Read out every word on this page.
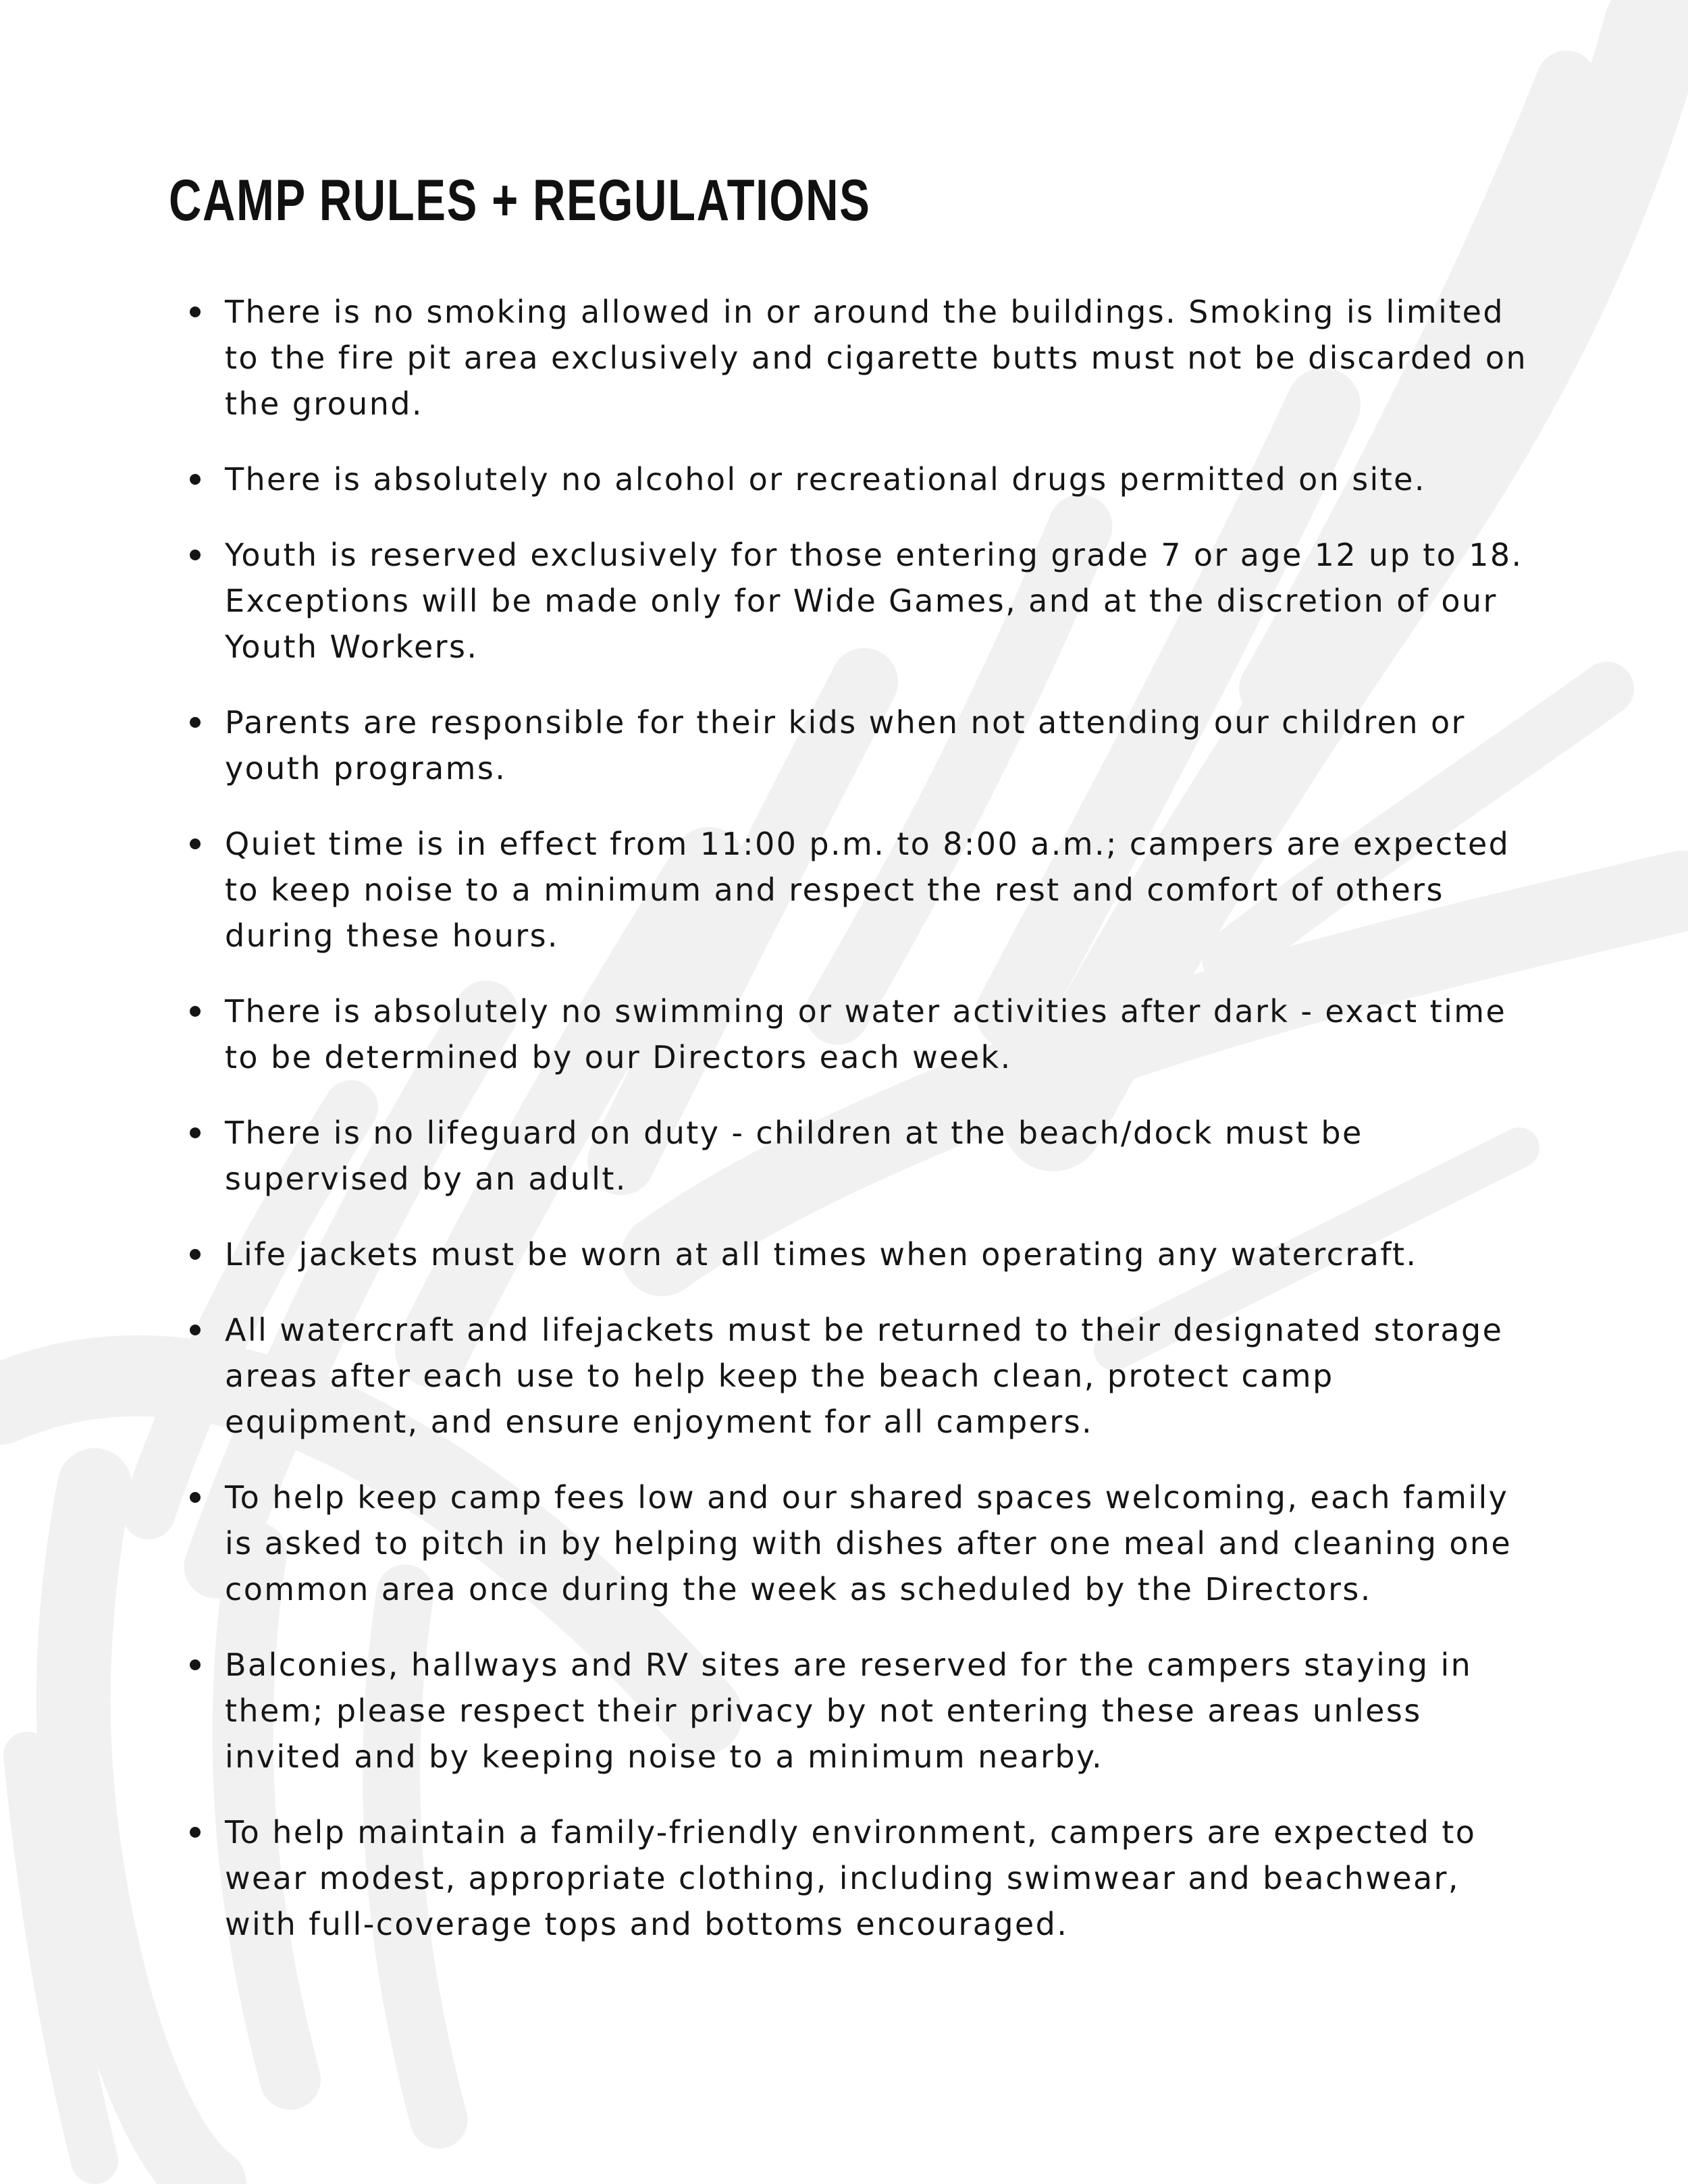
CAMP RULES + REGULATIONS
There is no smoking allowed in or around the buildings. Smoking is limited to the fire pit area exclusively and cigarette butts must not be discarded on the ground.
There is absolutely no alcohol or recreational drugs permitted on site.
Youth is reserved exclusively for those entering grade 7 or age 12 up to 18. Exceptions will be made only for Wide Games, and at the discretion of our Youth Workers.
Parents are responsible for their kids when not attending our children or youth programs.
Quiet time is in effect from 11:00 p.m. to 8:00 a.m.; campers are expected to keep noise to a minimum and respect the rest and comfort of others during these hours.
There is absolutely no swimming or water activities after dark - exact time to be determined by our Directors each week.
There is no lifeguard on duty - children at the beach/dock must be supervised by an adult.
Life jackets must be worn at all times when operating any watercraft.
All watercraft and lifejackets must be returned to their designated storage areas after each use to help keep the beach clean, protect camp equipment, and ensure enjoyment for all campers.
To help keep camp fees low and our shared spaces welcoming, each family is asked to pitch in by helping with dishes after one meal and cleaning one common area once during the week as scheduled by the Directors.
Balconies, hallways and RV sites are reserved for the campers staying in them; please respect their privacy by not entering these areas unless invited and by keeping noise to a minimum nearby.
To help maintain a family-friendly environment, campers are expected to wear modest, appropriate clothing, including swimwear and beachwear, with full-coverage tops and bottoms encouraged.
